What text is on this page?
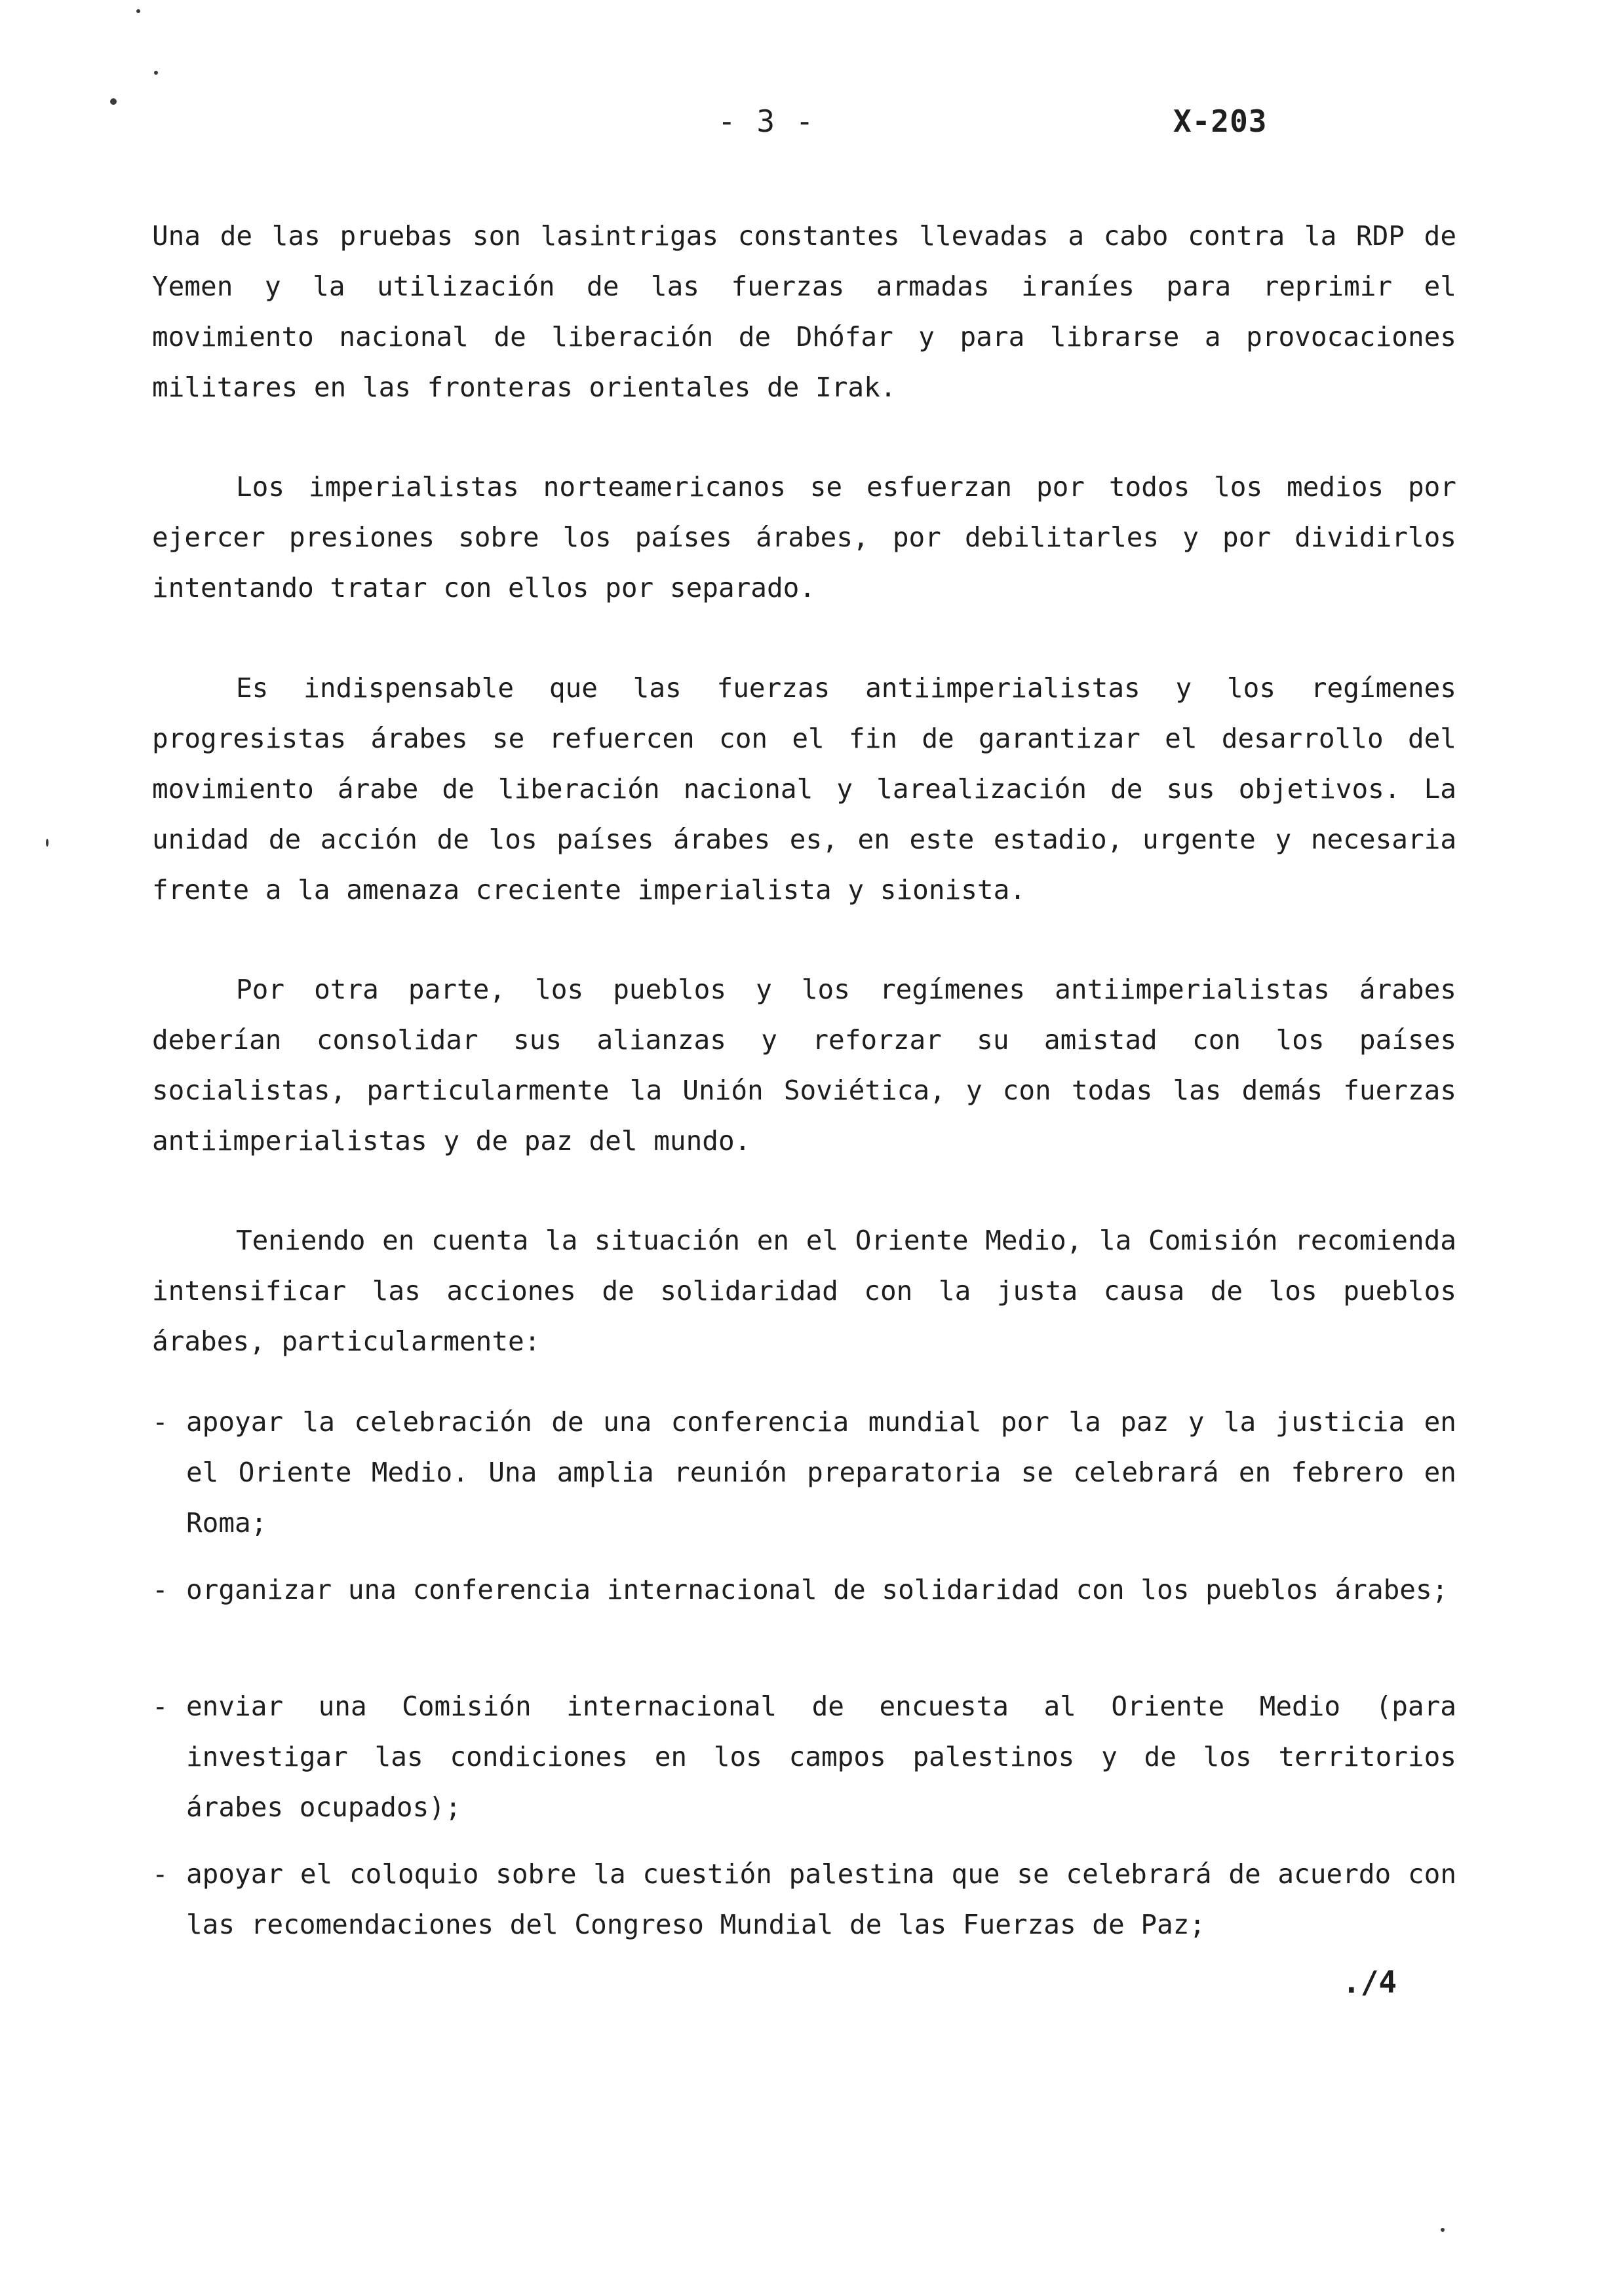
- 3 -	X-203

Una de las pruebas son lasintrigas constantes llevadas a cabo contra la RDP de Yemen y la utilización de las fuerzas armadas iraníes para reprimir el movimiento nacional de liberación de Dhófar y para librarse a provocaciones militares en las fronteras orientales de Irak.

Los imperialistas norteamericanos se esfuerzan por todos los medios por ejercer presiones sobre los países árabes, por debilitarles y por dividirlos intentando tratar con ellos por separado.

Es indispensable que las fuerzas antiimperialistas y los regímenes progresistas árabes se refuercen con el fin de garantizar el desarrollo del movimiento árabe de liberación nacional y larealización de sus objetivos. La unidad de acción de los países árabes es, en este estadio, urgente y necesaria frente a la amenaza creciente imperialista y sionista.

Por otra parte, los pueblos y los regímenes antiimperialistas árabes deberían consolidar sus alianzas y reforzar su amistad con los países socialistas, particularmente la Unión Soviética, y con todas las demás fuerzas antiimperialistas y de paz del mundo.

Teniendo en cuenta la situación en el Oriente Medio, la Comisión recomienda intensificar las acciones de solidaridad con la justa causa de los pueblos árabes, particularmente:

- apoyar la celebración de una conferencia mundial por la paz y la justicia en el Oriente Medio. Una amplia reunión preparatoria se celebrará en febrero en Roma;
- organizar una conferencia internacional de solidaridad con los pueblos árabes;
- enviar una Comisión internacional de encuesta al Oriente Medio (para investigar las condiciones en los campos palestinos y de los territorios árabes ocupados);
- apoyar el coloquio sobre la cuestión palestina que se celebrará de acuerdo con las recomendaciones del Congreso Mundial de las Fuerzas de Paz;
./4
